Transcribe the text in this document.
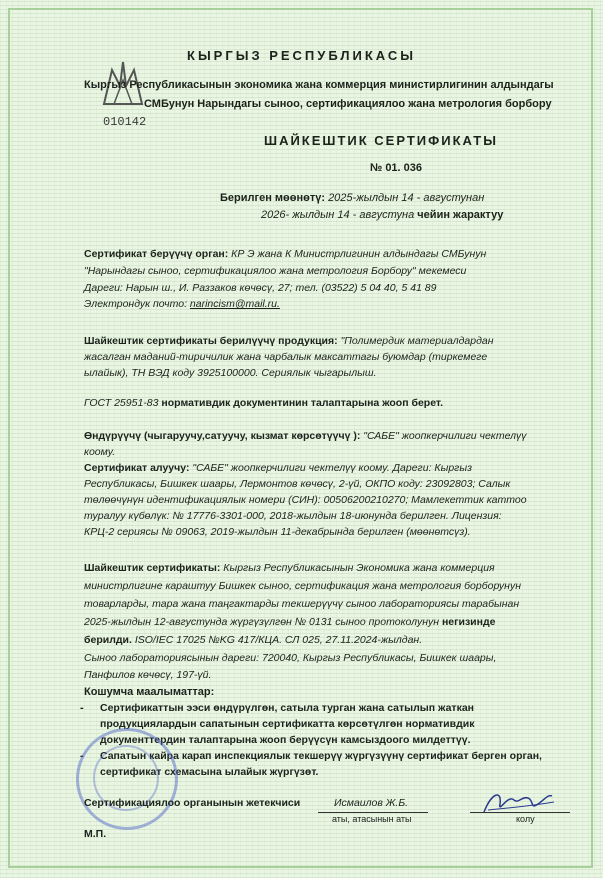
КЫРГЫЗ РЕСПУБЛИКАСЫ
Кыргыз Республикасынын экономика жана коммерция министирлигинин алдындагы
СМБунун Нарындагы сыноо, сертификациялоо жана метрология борбору
010142
ШАЙКЕШТИК СЕРТИФИКАТЫ
№ 01. 036
Берилген мөөнөтү: 2025-жылдын 14 - августунан
2026- жылдын 14 - августуна чейин жарактуу
Сертификат берүүчү орган: КР Э жана К Министрлигинин алдындагы СМБунун
"Нарындагы сыноо, сертификациялоо жана метрология Борбору" мекемеси
Дареги: Нарын ш., И. Раззаков көчөсү, 27; тел. (03522) 5 04 40, 5 41 89
Электрондук почто: narincism@mail.ru.
Шайкештик сертификаты берилүүчү продукция: "Полимердик материалдардан
жасалган маданий-тиричилик жана чарбалык максаттагы буюмдар (тиркемеге
ылайык), ТН ВЭД коду 3925100000. Сериялык чыгарылыш.
ГОСТ 25951-83 нормативдик документинин талаптарына жооп берет.
Өндүрүүчү (чыгаруучу,сатуучу, кызмат көрсөтүүчү ): "САБЕ" жоопкерчилиги чектелүү
коому.
Сертификат алуучу: "САБЕ" жоопкерчилиги чектелүү коому. Дареги: Кыргыз
Республикасы, Бишкек шаары, Лермонтов көчөсү, 2-үй, ОКПО коду: 23092803; Салык
төлөөчүнүн идентификациялык номери (СИН): 00506200210270; Мамлекеттик каттоо
туралуу күбөлүк: № 17776-3301-000, 2018-жылдын 18-июнунда берилген. Лицензия:
КРЦ-2 сериясы № 09063, 2019-жылдын 11-декабрында берилген (мөөнөтсүз).
Шайкештик сертификаты: Кыргыз Республикасынын Экономика жана коммерция
министрлигине караштуу Бишкек сыноо, сертификация жана метрология борборунун
товарларды, тара жана таңгактарды текшерүүчү сыноо лабораториясы тарабынан
2025-жылдын 12-августунда жүргүзүлгөн № 0131 сыноо протоколунун негизинде
берилди. ISO/IEC 17025 №KG 417/КЦА. СЛ 025, 27.11.2024-жылдан.
Сыноо лабораториясынын дареги: 720040, Кыргыз Республикасы, Бишкек шаары,
Панфилов көчөсү, 197-үй.
Кошумча маалыматтар:
- Сертификаттын ээси өндүрүлгөн, сатыла турган жана сатылып жаткан
продукциялардын сапатынын сертификатта көрсөтүлгөн нормативдик
документтердин талаптарына жооп берүүсүн камсыздоого милдеттүү.
- Сапатын кайра карап инспекциялык текшерүү жүргүзүүнү сертификат берген орган,
сертификат схемасына ылайык жүргүзөт.
Сертификациялоо органынын жетекчиси	Исмаилов Ж.Б.
аты, атасынын аты	колу
М.П.
